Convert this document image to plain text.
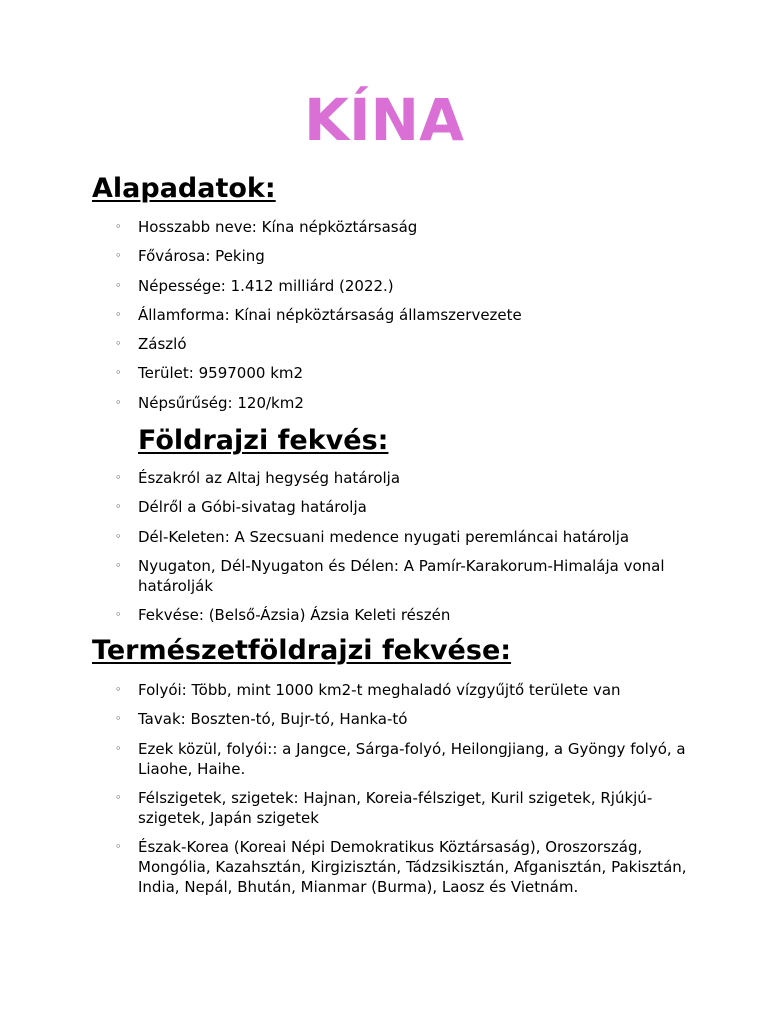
KÍNA
Alapadatok:
◦ Hosszabb neve: Kína népköztársaság
◦ Fővárosa: Peking
◦ Népessége: 1.412 milliárd (2022.)
◦ Államforma: Kínai népköztársaság államszervezete
◦ Zászló
◦ Terület: 9597000 km2
◦ Népsűrűség: 120/km2
Földrajzi fekvés:
◦ Északról az Altaj hegység határolja
◦ Délről a Góbi-sivatag határolja
◦ Dél-Keleten: A Szecsuani medence nyugati peremláncai határolja
◦ Nyugaton, Dél-Nyugaton és Délen: A Pamír-Karakorum-Himalája vonal határolják
◦ Fekvése: (Belső-Ázsia) Ázsia Keleti részén
Természetföldrajzi fekvése:
◦ Folyói: Több, mint 1000 km2-t meghaladó vízgyűjtő területe van
◦ Tavak: Boszten-tó, Bujr-tó, Hanka-tó
◦ Ezek közül, folyói:: a Jangce, Sárga-folyó, Heilongjiang, a Gyöngy folyó, a Liaohe, Haihe.
◦ Félszigetek, szigetek: Hajnan, Koreia-félsziget, Kuril szigetek, Rjúkjú-szigetek, Japán szigetek
◦ Észak-Korea (Koreai Népi Demokratikus Köztársaság), Oroszország, Mongólia, Kazahsztán, Kirgizisztán, Tádzsikisztán, Afganisztán, Pakisztán, India, Nepál, Bhután, Mianmar (Burma), Laosz és Vietnám.
